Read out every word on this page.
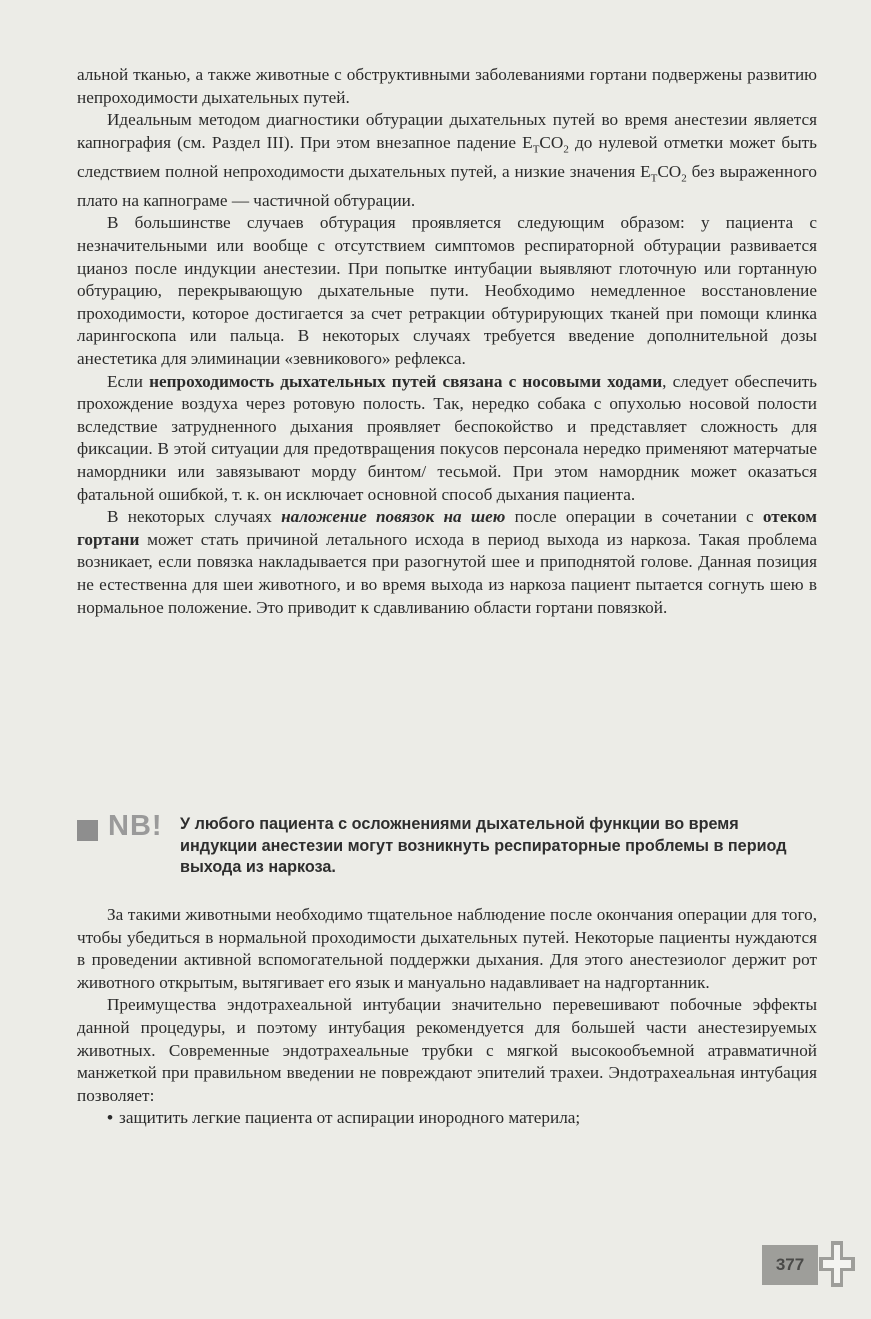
альной тканью, а также животные с обструктивными заболеваниями гортани подвержены развитию непроходимости дыхательных путей.

Идеальным методом диагностики обтурации дыхательных путей во время анестезии является капнография (см. Раздел III). При этом внезапное падение $E_TCO_2$ до нулевой отметки может быть следствием полной непроходимости дыхательных путей, а низкие значения $E_TCO_2$ без выраженного плато на капнограме — частичной обтурации.

В большинстве случаев обтурация проявляется следующим образом: у пациента с незначительными или вообще с отсутствием симптомов респираторной обтурации развивается цианоз после индукции анестезии. При попытке интубации выявляют глоточную или гортанную обтурацию, перекрывающую дыхательные пути. Необходимо немедленное восстановление проходимости, которое достигается за счет ретракции обтурирующих тканей при помощи клинка ларингоскопа или пальца. В некоторых случаях требуется введение дополнительной дозы анестетика для элиминации «зевникового» рефлекса.

Если непроходимость дыхательных путей связана с носовыми ходами, следует обеспечить прохождение воздуха через ротовую полость. Так, нередко собака с опухолью носовой полости вследствие затрудненного дыхания проявляет беспокойство и представляет сложность для фиксации. В этой ситуации для предотвращения покусов персонала нередко применяют матерчатые намордники или завязывают морду бинтом/ тесьмой. При этом намордник может оказаться фатальной ошибкой, т. к. он исключает основной способ дыхания пациента.

В некоторых случаях наложение повязок на шею после операции в сочетании с отеком гортани может стать причиной летального исхода в период выхода из наркоза. Такая проблема возникает, если повязка накладывается при разогнутой шее и приподнятой голове. Данная позиция не естественна для шеи животного, и во время выхода из наркоза пациент пытается согнуть шею в нормальное положение. Это приводит к сдавливанию области гортани повязкой.

NB! У любого пациента с осложнениями дыхательной функции во время индукции анестезии могут возникнуть респираторные проблемы в период выхода из наркоза.

За такими животными необходимо тщательное наблюдение после окончания операции для того, чтобы убедиться в нормальной проходимости дыхательных путей. Некоторые пациенты нуждаются в проведении активной вспомогательной поддержки дыхания. Для этого анестезиолог держит рот животного открытым, вытягивает его язык и мануально надавливает на надгортанник.

Преимущества эндотрахеальной интубации значительно перевешивают побочные эффекты данной процедуры, и поэтому интубация рекомендуется для большей части анестезируемых животных. Современные эндотрахеальные трубки с мягкой высокообъемной атравматичной манжеткой при правильном введении не повреждают эпителий трахеи. Эндотрахеальная интубация позволяет:

• защитить легкие пациента от аспирации инородного материла;
377
